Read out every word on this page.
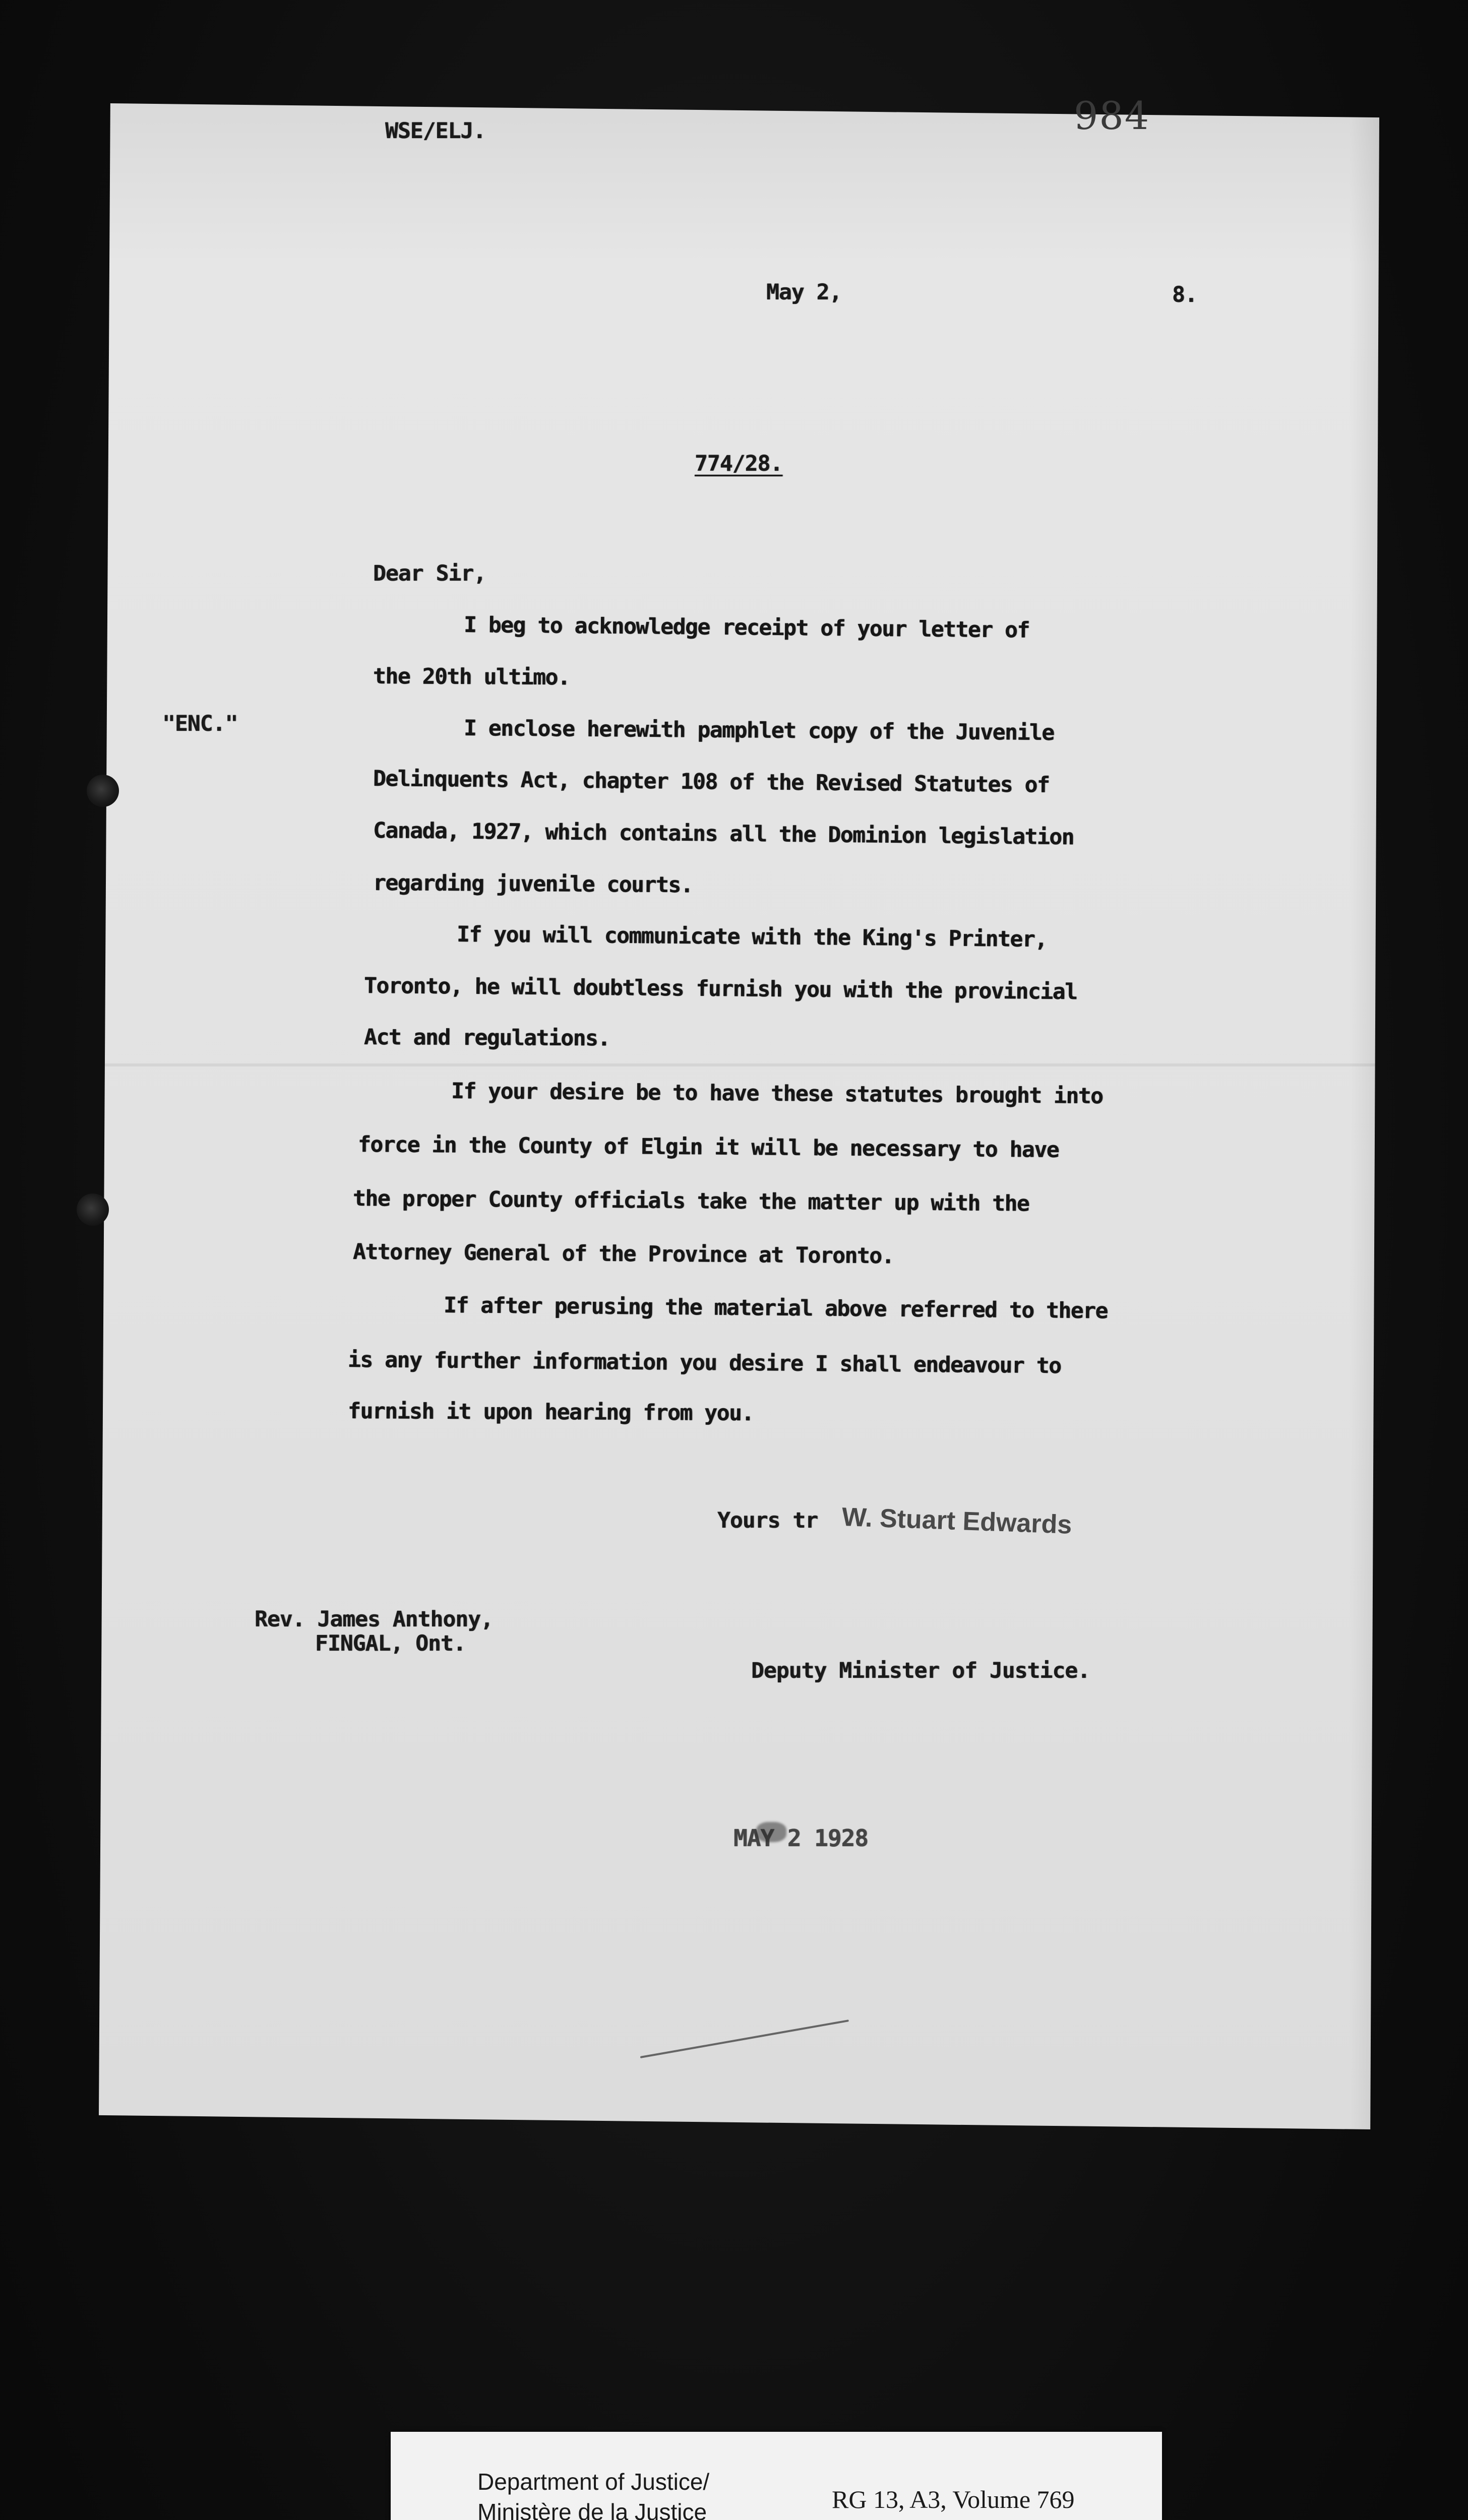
WSE/ELJ.	984
May 2,	8.
774/28.
Dear Sir,
"ENC."
I beg to acknowledge receipt of your letter of
the 20th ultimo.
I enclose herewith pamphlet copy of the Juvenile
Delinquents Act, chapter 108 of the Revised Statutes of
Canada, 1927, which contains all the Dominion legislation
regarding juvenile courts.
If you will communicate with the King's Printer,
Toronto, he will doubtless furnish you with the provincial
Act and regulations.
If your desire be to have these statutes brought into
force in the County of Elgin it will be necessary to have
the proper County officials take the matter up with the
Attorney General of the Province at Toronto.
If after perusing the material above referred to there
is any further information you desire I shall endeavour to
furnish it upon hearing from you.
Yours tr W. Stuart Edwards
Rev. James Anthony,
FINGAL, Ont.
Deputy Minister of Justice.
MAY 2 1928
Department of Justice/
Ministère de la Justice	RG 13, A3, Volume 769
